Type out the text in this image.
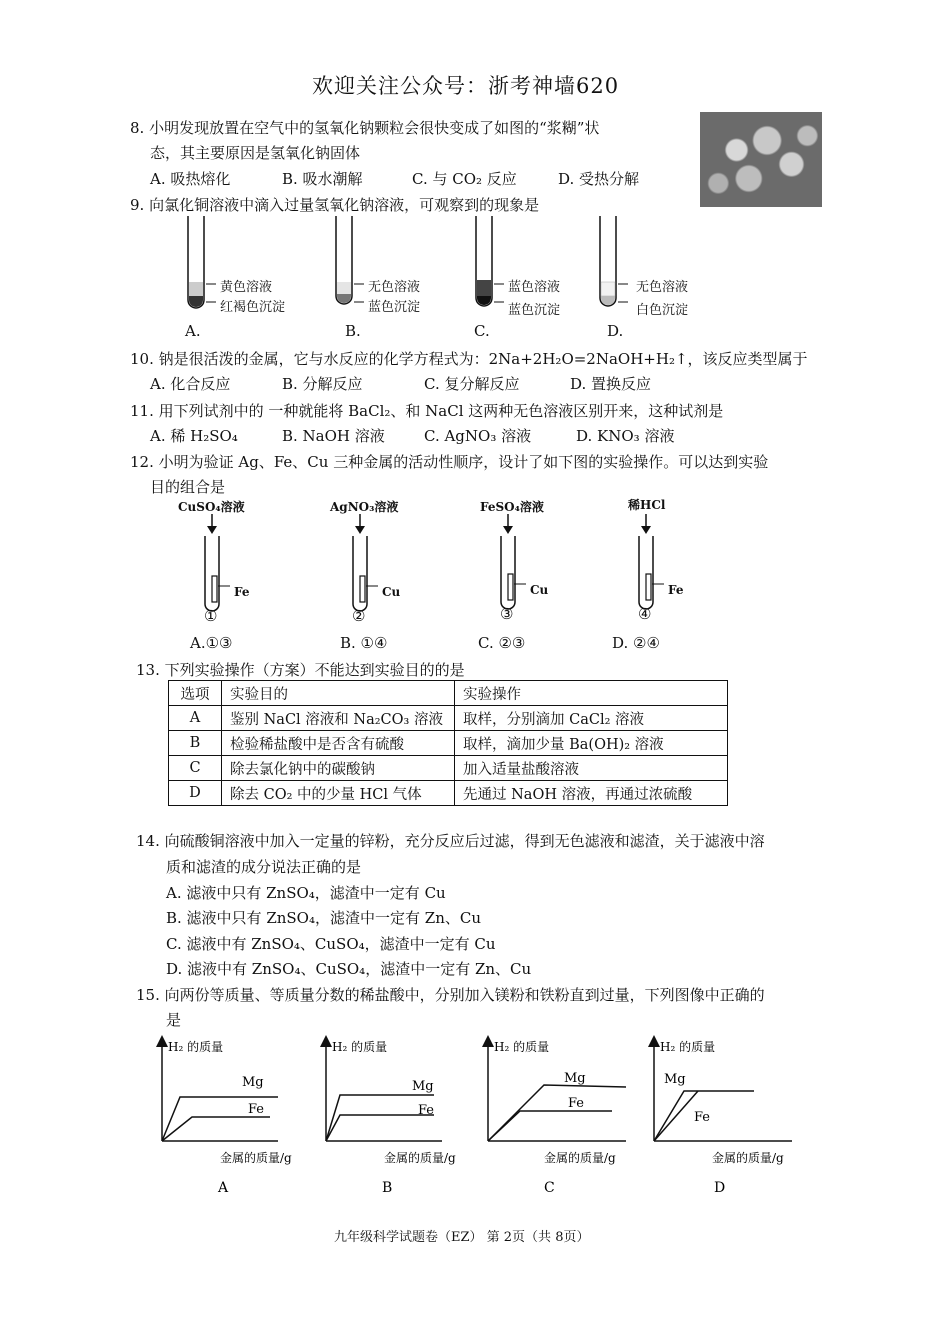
欢迎关注公众号：浙考神墙620
8. 小明发现放置在空气中的氢氧化钠颗粒会很快变成了如图的“浆糊”状
态，其主要原因是氢氧化钠固体
A. 吸热熔化	B. 吸水潮解	C. 与 CO₂ 反应	D. 受热分解
9. 向氯化铜溶液中滴入过量氢氧化钠溶液，可观察到的现象是
黄色溶液
红褐色沉淀
A.
无色溶液
蓝色沉淀
B.
蓝色溶液
蓝色沉淀
C.
无色溶液
白色沉淀
D.
10. 钠是很活泼的金属，它与水反应的化学方程式为：2Na+2H₂O=2NaOH+H₂↑，该反应类型属于
A. 化合反应	B. 分解反应	C. 复分解反应	D. 置换反应
11. 用下列试剂中的 一种就能将 BaCl₂、和 NaCl 这两种无色溶液区别开来，这种试剂是
A. 稀 H₂SO₄	B. NaOH 溶液	C. AgNO₃ 溶液	D. KNO₃ 溶液
12. 小明为验证 Ag、Fe、Cu 三种金属的活动性顺序，设计了如下图的实验操作。可以达到实验
目的组合是
CuSO₄溶液	AgNO₃溶液	FeSO₄溶液	稀HCl
Fe	Cu	Cu	Fe
①	②	③	④
A.①③	B. ①④	C. ②③	D. ②④
13. 下列实验操作（方案）不能达到实验目的的是
选项	实验目的	实验操作
A	鉴别 NaCl 溶液和 Na₂CO₃ 溶液	取样，分别滴加 CaCl₂ 溶液
B	检验稀盐酸中是否含有硫酸	取样，滴加少量 Ba(OH)₂ 溶液
C	除去氯化钠中的碳酸钠	加入适量盐酸溶液
D	除去 CO₂ 中的少量 HCl 气体	先通过 NaOH 溶液，再通过浓硫酸
14. 向硫酸铜溶液中加入一定量的锌粉，充分反应后过滤，得到无色滤液和滤渣，关于滤液中溶
质和滤渣的成分说法正确的是
A. 滤液中只有 ZnSO₄，滤渣中一定有 Cu
B. 滤液中只有 ZnSO₄，滤渣中一定有 Zn、Cu
C. 滤液中有 ZnSO₄、CuSO₄，滤渣中一定有 Cu
D. 滤液中有 ZnSO₄、CuSO₄，滤渣中一定有 Zn、Cu
15. 向两份等质量、等质量分数的稀盐酸中，分别加入镁粉和铁粉直到过量，下列图像中正确的
是
H₂ 的质量
Mg
Fe
金属的质量/g
A
H₂ 的质量
Mg
Fe
金属的质量/g
B
H₂ 的质量
Mg
Fe
金属的质量/g
C
H₂ 的质量
Mg
Fe
金属的质量/g
D
九年级科学试题卷（EZ） 第 2页（共 8页）
